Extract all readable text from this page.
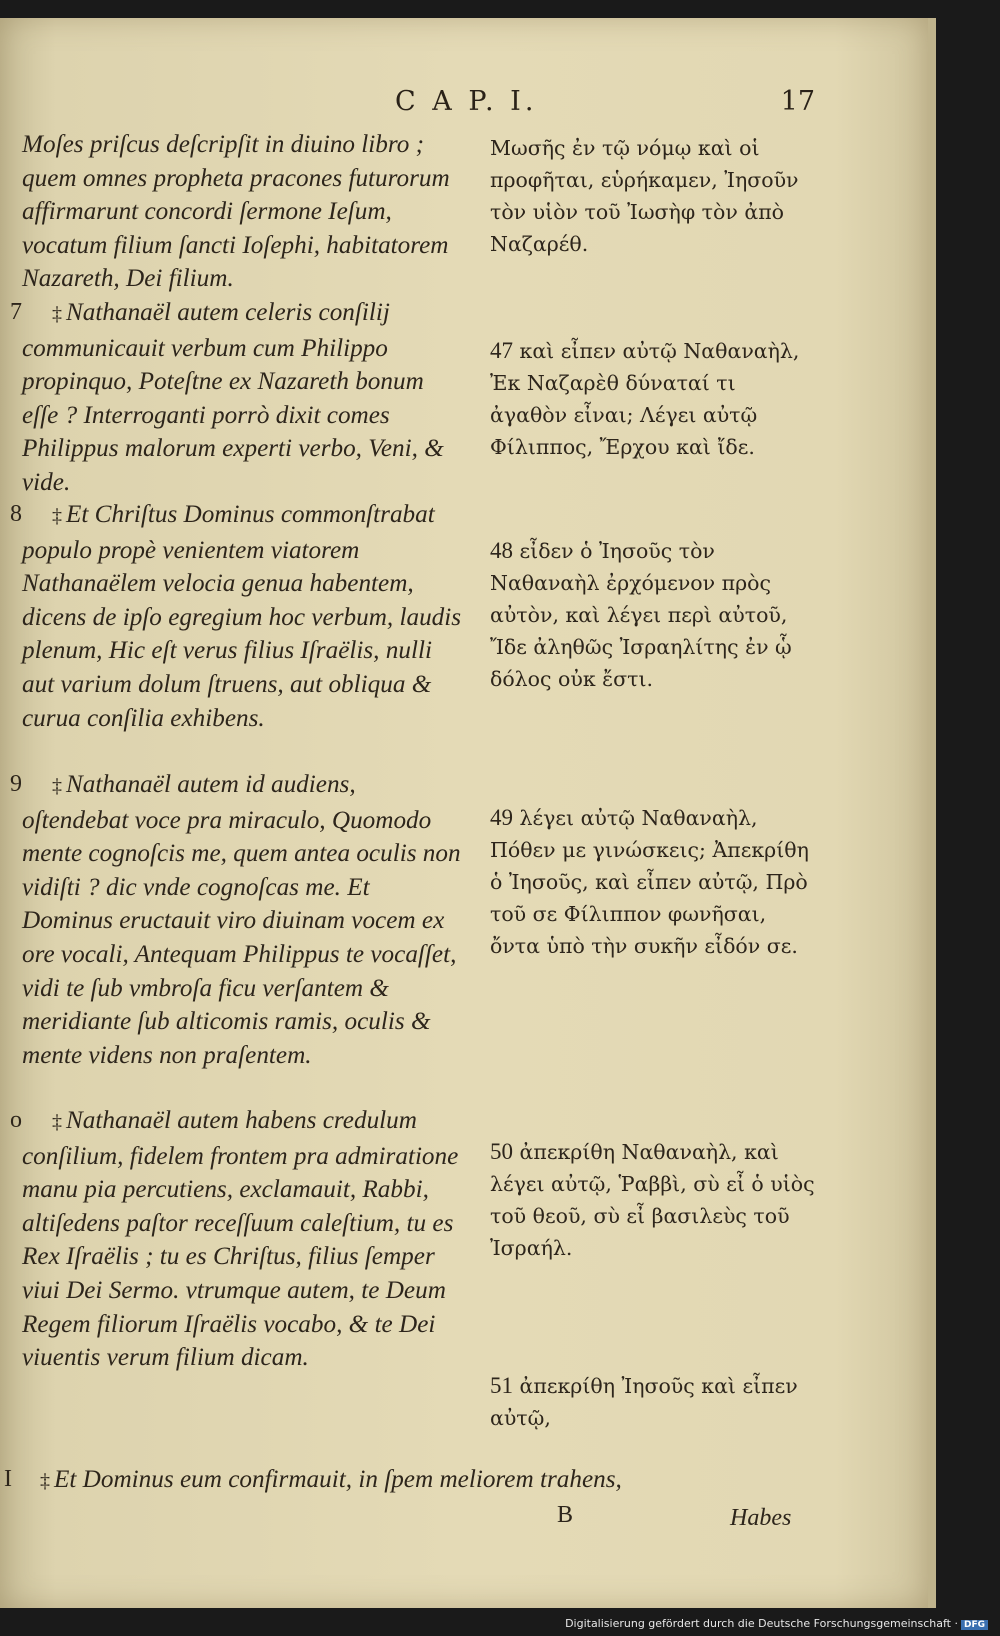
C A P. I.	17

Moſes priſcus deſcripſit in diuino libro ; quem omnes propheta pracones futurorum affirmarunt concordi ſermone Ieſum, vocatum filium ſancti Ioſephi, habitatorem Nazareth, Dei filium.

7 ‡ Nathanaël autem celeris conſilij communicauit verbum cum Philippo propinquo, Poteſtne ex Nazareth bonum eſſe ? Interroganti porrò dixit comes Philippus malorum experti verbo, Veni, & vide.

8 ‡ Et Chriſtus Dominus commonſtrabat populo propè venientem viatorem Nathanaëlem velocia genua habentem, dicens de ipſo egregium hoc verbum, laudis plenum, Hic eſt verus filius Iſraëlis, nulli aut varium dolum ſtruens, aut obliqua & curua conſilia exhibens.

9 ‡ Nathanaël autem id audiens, oſtendebat voce pra miraculo, Quomodo mente cognoſcis me, quem antea oculis non vidiſti ? dic vnde cognoſcas me. Et Dominus eructauit viro diuinam vocem ex ore vocali, Antequam Philippus te vocaſſet, vidi te ſub vmbroſa ficu verſantem & meridiante ſub alticomis ramis, oculis & mente videns non praſentem.

o ‡ Nathanaël autem habens credulum conſilium, fidelem frontem pra admiratione manu pia percutiens, exclamauit, Rabbi, altiſedens paſtor receſſuum caleſtium, tu es Rex Iſraëlis ; tu es Chriſtus, filius ſemper viui Dei Sermo. vtrumque autem, te Deum Regem filiorum Iſraëlis vocabo, & te Dei viuentis verum filium dicam.

Μωσῆς ἐν τῷ νόμῳ καὶ οἱ προφῆται, εὑρήκαμεν, Ἰησοῦν τὸν υἱὸν τοῦ Ἰωσὴφ τὸν ἀπὸ Ναζαρέθ.
47 καὶ εἶπεν αὐτῷ Ναθαναὴλ, Ἐκ Ναζαρὲθ δύναταί τι ἀγαθὸν εἶναι; Λέγει αὐτῷ Φίλιππος, Ἔρχου καὶ ἴδε.
48 εἶδεν ὁ Ἰησοῦς τὸν Ναθαναὴλ ἐρχόμενον πρὸς αὐτὸν, καὶ λέγει περὶ αὐτοῦ, Ἴδε ἀληθῶς Ἰσραηλίτης ἐν ᾧ δόλος οὐκ ἔστι.
49 λέγει αὐτῷ Ναθαναὴλ, Πόθεν με γινώσκεις; Ἀπεκρίθη ὁ Ἰησοῦς, καὶ εἶπεν αὐτῷ, Πρὸ τοῦ σε Φίλιππον φωνῆσαι, ὄντα ὑπὸ τὴν συκῆν εἶδόν σε.
50 ἀπεκρίθη Ναθαναὴλ, καὶ λέγει αὐτῷ, Ῥαββὶ, σὺ εἶ ὁ υἱὸς τοῦ θεοῦ, σὺ εἶ βασιλεὺς τοῦ Ἰσραήλ.
51 ἀπεκρίθη Ἰησοῦς καὶ εἶπεν αὐτῷ,
I ‡ Et Dominus eum confirmauit, in ſpem meliorem trahens,
B	Habes
Digitalisierung gefördert durch die Deutsche Forschungsgemeinschaft · DFG
